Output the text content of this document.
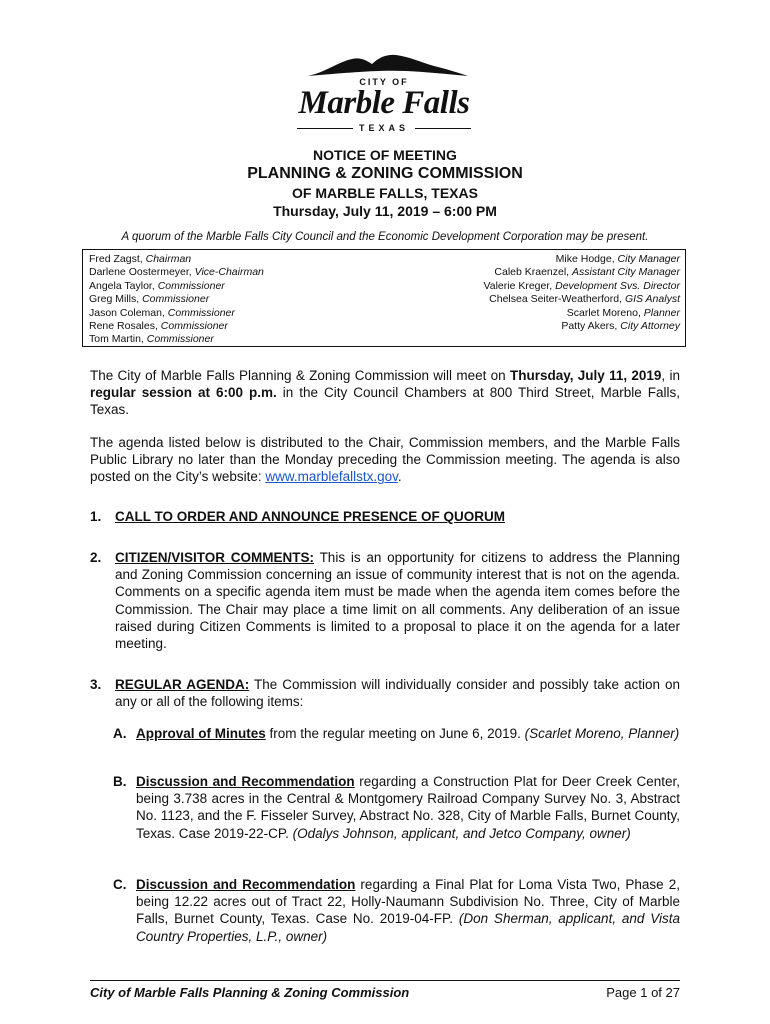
CITY OF
Marble Falls
TEXAS
NOTICE OF MEETING
PLANNING & ZONING COMMISSION
OF MARBLE FALLS, TEXAS
Thursday, July 11, 2019 – 6:00 PM
A quorum of the Marble Falls City Council and the Economic Development Corporation may be present.
Fred Zagst, Chairman
Darlene Oostermeyer, Vice-Chairman
Angela Taylor, Commissioner
Greg Mills, Commissioner
Jason Coleman, Commissioner
Rene Rosales, Commissioner
Tom Martin, Commissioner
Mike Hodge, City Manager
Caleb Kraenzel, Assistant City Manager
Valerie Kreger, Development Svs. Director
Chelsea Seiter-Weatherford, GIS Analyst
Scarlet Moreno, Planner
Patty Akers, City Attorney
The City of Marble Falls Planning & Zoning Commission will meet on Thursday, July 11, 2019, in regular session at 6:00 p.m. in the City Council Chambers at 800 Third Street, Marble Falls, Texas.
The agenda listed below is distributed to the Chair, Commission members, and the Marble Falls Public Library no later than the Monday preceding the Commission meeting. The agenda is also posted on the City’s website: www.marblefallstx.gov.
1. CALL TO ORDER AND ANNOUNCE PRESENCE OF QUORUM
2. CITIZEN/VISITOR COMMENTS: This is an opportunity for citizens to address the Planning and Zoning Commission concerning an issue of community interest that is not on the agenda. Comments on a specific agenda item must be made when the agenda item comes before the Commission. The Chair may place a time limit on all comments. Any deliberation of an issue raised during Citizen Comments is limited to a proposal to place it on the agenda for a later meeting.
3. REGULAR AGENDA: The Commission will individually consider and possibly take action on any or all of the following items:
A. Approval of Minutes from the regular meeting on June 6, 2019. (Scarlet Moreno, Planner)
B. Discussion and Recommendation regarding a Construction Plat for Deer Creek Center, being 3.738 acres in the Central & Montgomery Railroad Company Survey No. 3, Abstract No. 1123, and the F. Fisseler Survey, Abstract No. 328, City of Marble Falls, Burnet County, Texas. Case 2019-22-CP. (Odalys Johnson, applicant, and Jetco Company, owner)
C. Discussion and Recommendation regarding a Final Plat for Loma Vista Two, Phase 2, being 12.22 acres out of Tract 22, Holly-Naumann Subdivision No. Three, City of Marble Falls, Burnet County, Texas. Case No. 2019-04-FP. (Don Sherman, applicant, and Vista Country Properties, L.P., owner)
City of Marble Falls Planning & Zoning Commission	Page 1 of 27
